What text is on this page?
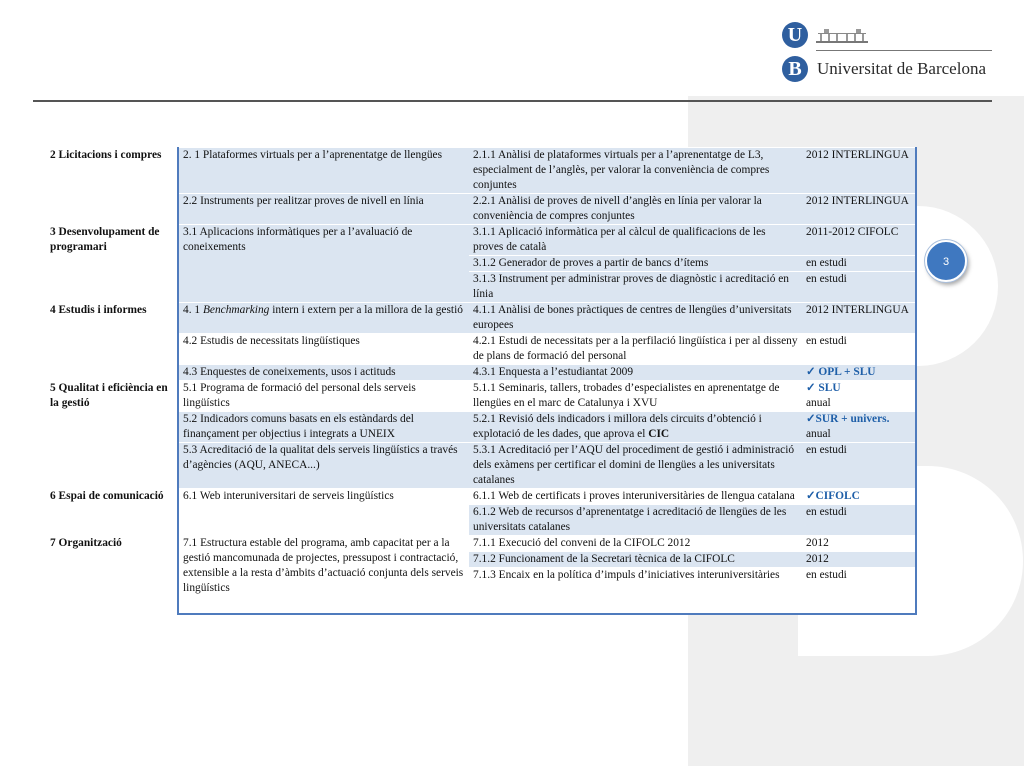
U
B Universitat de Barcelona
3
2 Licitacions i compres	2. 1 Plataformes virtuals per a l’aprenentatge de llengües	2.1.1 Anàlisi de plataformes virtuals per a l’aprenentatge de L3, especialment de l’anglès, per valorar la conveniència de compres conjuntes	2012 INTERLINGUA
	2.2 Instruments per realitzar proves de nivell en línia	2.2.1 Anàlisi de proves de nivell d’anglès en línia per valorar la conveniència de compres conjuntes	2012 INTERLINGUA
3 Desenvolupament de programari	3.1 Aplicacions informàtiques per a l’avaluació de coneixements	3.1.1 Aplicació informàtica per al càlcul de qualificacions de les proves de català	2011-2012 CIFOLC
		3.1.2 Generador de proves a partir de bancs d’ítems	en estudi
		3.1.3 Instrument per administrar proves de diagnòstic i acreditació en línia	en estudi
4 Estudis i informes	4. 1 Benchmarking intern i extern per a la millora de la gestió	4.1.1 Anàlisi de bones pràctiques de centres de llengües d’universitats europees	2012 INTERLINGUA
	4.2 Estudis de necessitats lingüístiques	4.2.1 Estudi de necessitats per a la perfilació lingüística i per al disseny de plans de formació del personal	en estudi
	4.3 Enquestes de coneixements, usos i actituds	4.3.1 Enquesta a l’estudiantat 2009	✓ OPL + SLU
5 Qualitat i eficiència en la gestió	5.1 Programa de formació del personal dels serveis lingüístics	5.1.1 Seminaris, tallers, trobades d’especialistes en aprenentatge de llengües en el marc de Catalunya i XVU	✓ SLU
anual
	5.2 Indicadors comuns basats en els estàndards del finançament per objectius i integrats a UNEIX	5.2.1 Revisió dels indicadors i millora dels circuits d’obtenció i explotació de les dades, que aprova el CIC	✓SUR + univers.
anual
	5.3 Acreditació de la qualitat dels serveis lingüístics a través d’agències (AQU, ANECA...)	5.3.1 Acreditació per l’AQU del procediment de gestió i administració dels exàmens per certificar el domini de llengües a les universitats catalanes	en estudi
6 Espai de comunicació	6.1 Web interuniversitari de serveis lingüístics	6.1.1 Web de certificats i proves interuniversitàries de llengua catalana	✓CIFOLC
		6.1.2 Web de recursos d’aprenentatge i acreditació de llengües de les universitats catalanes	en estudi
7 Organització	7.1 Estructura estable del programa, amb capacitat per a la gestió mancomunada de projectes, pressupost i contractació, extensible a la resta d’àmbits d’actuació conjunta dels serveis lingüístics	7.1.1 Execució del conveni de la CIFOLC 2012	2012
		7.1.2 Funcionament de la Secretari tècnica de la CIFOLC	2012
		7.1.3 Encaix en la política d’impuls d’iniciatives interuniversitàries	en estudi
